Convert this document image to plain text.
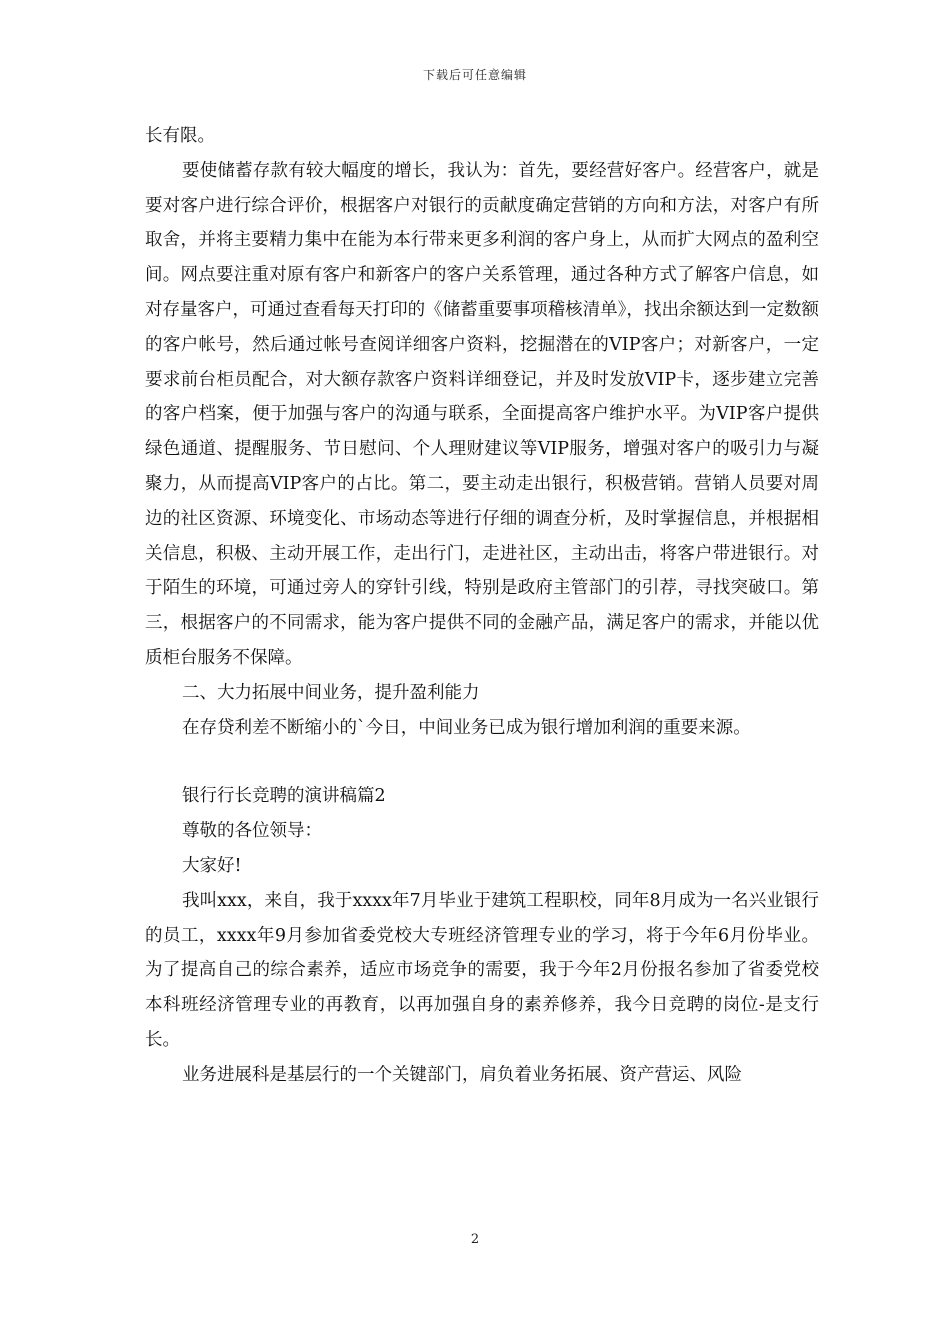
下载后可任意编辑

长有限。

要使储蓄存款有较大幅度的增长，我认为：首先，要经营好客户。经营客户，就是要对客户进行综合评价，根据客户对银行的贡献度确定营销的方向和方法，对客户有所取舍，并将主要精力集中在能为本行带来更多利润的客户身上，从而扩大网点的盈利空间。网点要注重对原有客户和新客户的客户关系管理，通过各种方式了解客户信息，如对存量客户，可通过查看每天打印的《储蓄重要事项稽核清单》，找出余额达到一定数额的客户帐号，然后通过帐号查阅详细客户资料，挖掘潜在的VIP客户；对新客户，一定要求前台柜员配合，对大额存款客户资料详细登记，并及时发放VIP卡，逐步建立完善的客户档案，便于加强与客户的沟通与联系，全面提高客户维护水平。为VIP客户提供绿色通道、提醒服务、节日慰问、个人理财建议等VIP服务，增强对客户的吸引力与凝聚力，从而提高VIP客户的占比。第二，要主动走出银行，积极营销。营销人员要对周边的社区资源、环境变化、市场动态等进行仔细的调查分析，及时掌握信息，并根据相关信息，积极、主动开展工作，走出行门，走进社区，主动出击，将客户带进银行。对于陌生的环境，可通过旁人的穿针引线，特别是政府主管部门的引荐，寻找突破口。第三，根据客户的不同需求，能为客户提供不同的金融产品，满足客户的需求，并能以优质柜台服务不保障。

二、大力拓展中间业务，提升盈利能力

在存贷利差不断缩小的`今日，中间业务已成为银行增加利润的重要来源。

银行行长竞聘的演讲稿篇2

尊敬的各位领导：

大家好!

我叫xxx，来自，我于xxxx年7月毕业于建筑工程职校，同年8月成为一名兴业银行的员工，xxxx年9月参加省委党校大专班经济管理专业的学习，将于今年6月份毕业。为了提高自己的综合素养，适应市场竞争的需要，我于今年2月份报名参加了省委党校本科班经济管理专业的再教育，以再加强自身的素养修养，我今日竞聘的岗位-是支行长。

业务进展科是基层行的一个关键部门，肩负着业务拓展、资产营运、风险

2
